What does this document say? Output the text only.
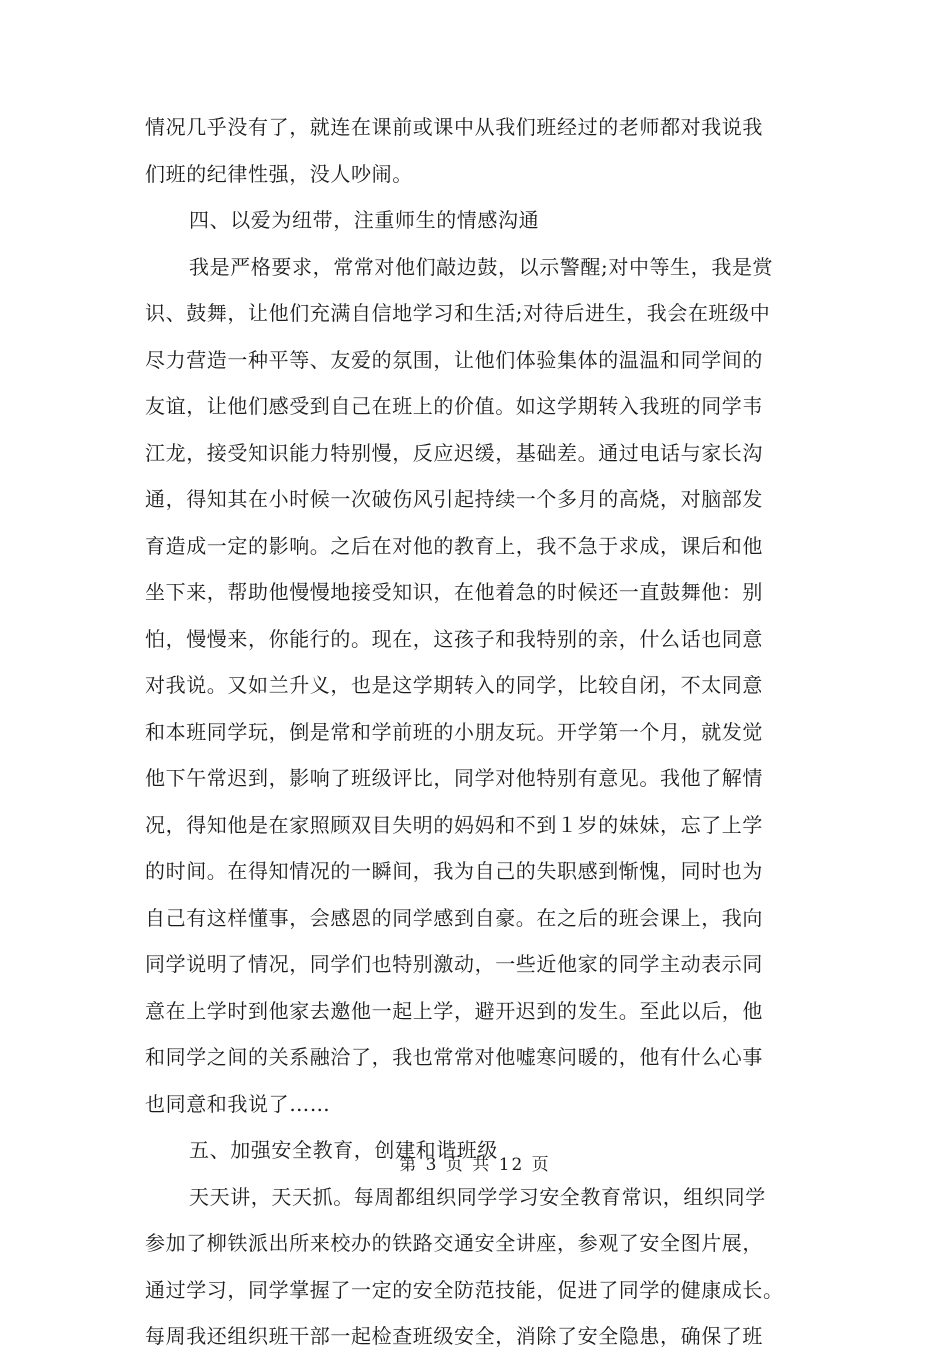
情况几乎没有了，就连在课前或课中从我们班经过的老师都对我说我
们班的纪律性强，没人吵闹。
四、以爱为纽带，注重师生的情感沟通
我是严格要求，常常对他们敲边鼓，以示警醒;对中等生，我是赏
识、鼓舞，让他们充满自信地学习和生活;对待后进生，我会在班级中
尽力营造一种平等、友爱的氛围，让他们体验集体的温温和同学间的
友谊，让他们感受到自己在班上的价值。如这学期转入我班的同学韦
江龙，接受知识能力特别慢，反应迟缓，基础差。通过电话与家长沟
通，得知其在小时候一次破伤风引起持续一个多月的高烧，对脑部发
育造成一定的影响。之后在对他的教育上，我不急于求成，课后和他
坐下来，帮助他慢慢地接受知识，在他着急的时候还一直鼓舞他：别
怕，慢慢来，你能行的。现在，这孩子和我特别的亲，什么话也同意
对我说。又如兰升义，也是这学期转入的同学，比较自闭，不太同意
和本班同学玩，倒是常和学前班的小朋友玩。开学第一个月，就发觉
他下午常迟到，影响了班级评比，同学对他特别有意见。我他了解情
况，得知他是在家照顾双目失明的妈妈和不到１岁的妹妹，忘了上学
的时间。在得知情况的一瞬间，我为自己的失职感到惭愧，同时也为
自己有这样懂事，会感恩的同学感到自豪。在之后的班会课上，我向
同学说明了情况，同学们也特别激动，一些近他家的同学主动表示同
意在上学时到他家去邀他一起上学，避开迟到的发生。至此以后，他
和同学之间的关系融洽了，我也常常对他嘘寒问暖的，他有什么心事
也同意和我说了……
五、加强安全教育，创建和谐班级
天天讲，天天抓。每周都组织同学学习安全教育常识，组织同学
参加了柳铁派出所来校办的铁路交通安全讲座，参观了安全图片展，
通过学习，同学掌握了一定的安全防范技能，促进了同学的健康成长。
每周我还组织班干部一起检查班级安全，消除了安全隐患，确保了班
第 3 页 共 12 页
